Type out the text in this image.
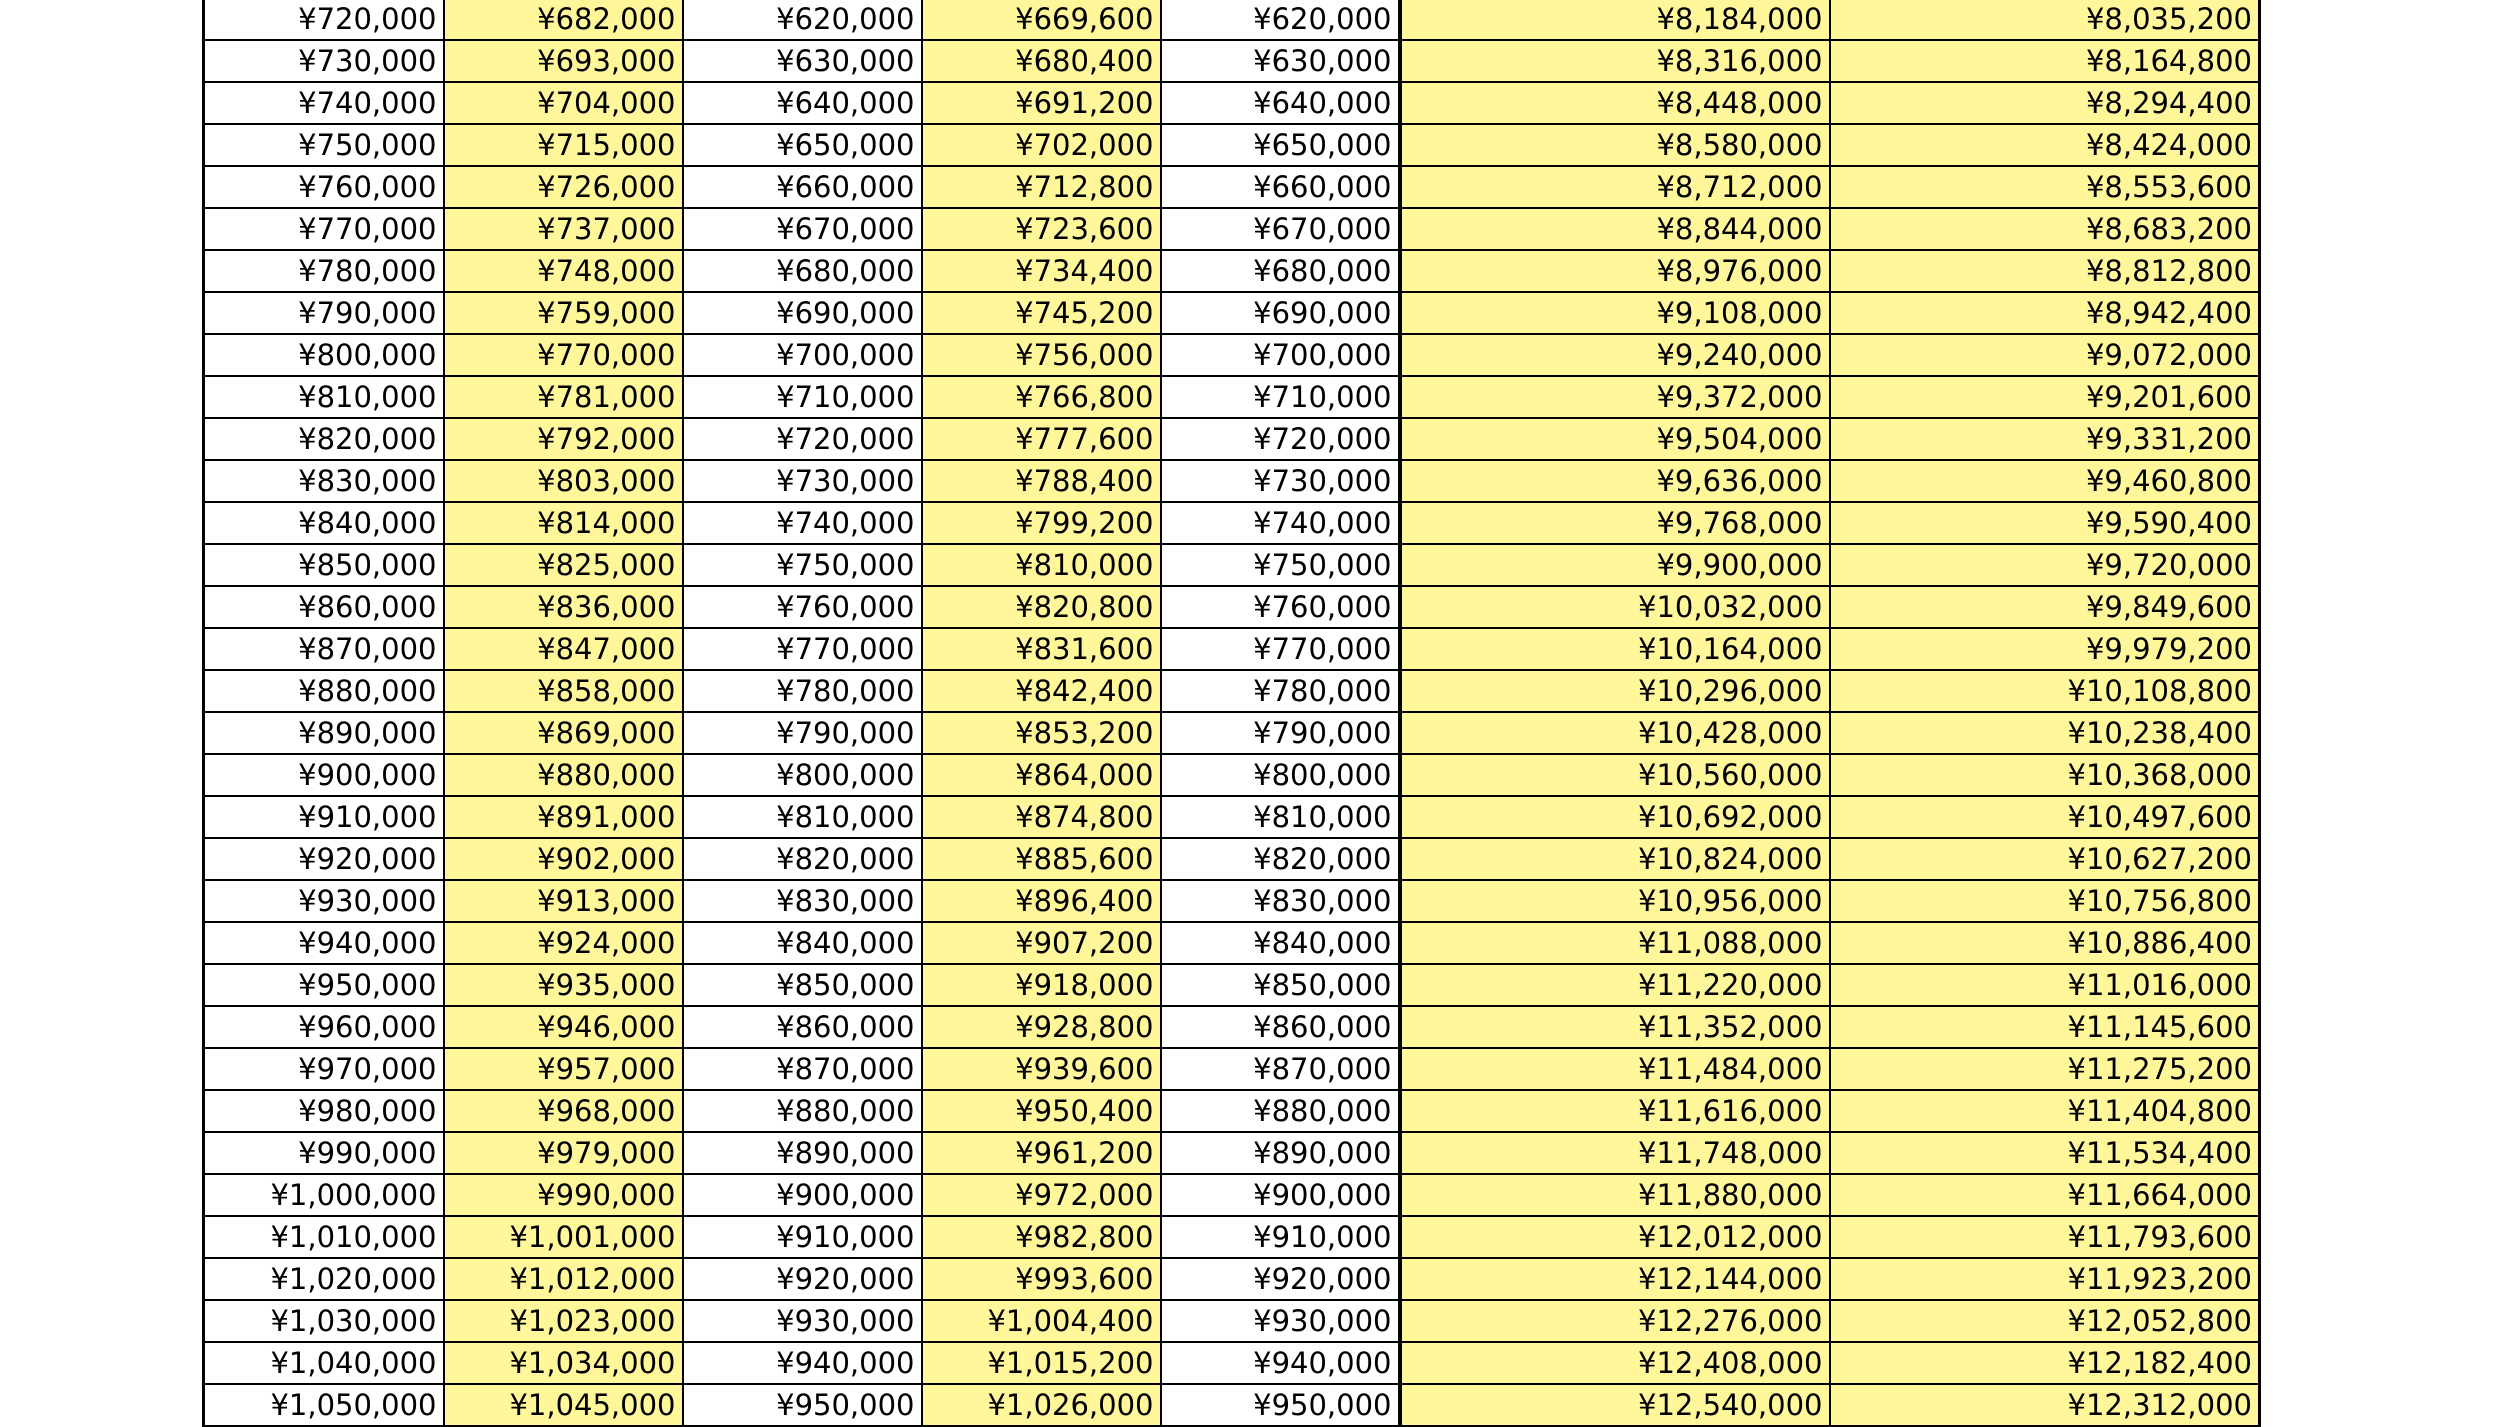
¥720,000	¥682,000	¥620,000	¥669,600	¥620,000	¥8,184,000	¥8,035,200
¥730,000	¥693,000	¥630,000	¥680,400	¥630,000	¥8,316,000	¥8,164,800
¥740,000	¥704,000	¥640,000	¥691,200	¥640,000	¥8,448,000	¥8,294,400
¥750,000	¥715,000	¥650,000	¥702,000	¥650,000	¥8,580,000	¥8,424,000
¥760,000	¥726,000	¥660,000	¥712,800	¥660,000	¥8,712,000	¥8,553,600
¥770,000	¥737,000	¥670,000	¥723,600	¥670,000	¥8,844,000	¥8,683,200
¥780,000	¥748,000	¥680,000	¥734,400	¥680,000	¥8,976,000	¥8,812,800
¥790,000	¥759,000	¥690,000	¥745,200	¥690,000	¥9,108,000	¥8,942,400
¥800,000	¥770,000	¥700,000	¥756,000	¥700,000	¥9,240,000	¥9,072,000
¥810,000	¥781,000	¥710,000	¥766,800	¥710,000	¥9,372,000	¥9,201,600
¥820,000	¥792,000	¥720,000	¥777,600	¥720,000	¥9,504,000	¥9,331,200
¥830,000	¥803,000	¥730,000	¥788,400	¥730,000	¥9,636,000	¥9,460,800
¥840,000	¥814,000	¥740,000	¥799,200	¥740,000	¥9,768,000	¥9,590,400
¥850,000	¥825,000	¥750,000	¥810,000	¥750,000	¥9,900,000	¥9,720,000
¥860,000	¥836,000	¥760,000	¥820,800	¥760,000	¥10,032,000	¥9,849,600
¥870,000	¥847,000	¥770,000	¥831,600	¥770,000	¥10,164,000	¥9,979,200
¥880,000	¥858,000	¥780,000	¥842,400	¥780,000	¥10,296,000	¥10,108,800
¥890,000	¥869,000	¥790,000	¥853,200	¥790,000	¥10,428,000	¥10,238,400
¥900,000	¥880,000	¥800,000	¥864,000	¥800,000	¥10,560,000	¥10,368,000
¥910,000	¥891,000	¥810,000	¥874,800	¥810,000	¥10,692,000	¥10,497,600
¥920,000	¥902,000	¥820,000	¥885,600	¥820,000	¥10,824,000	¥10,627,200
¥930,000	¥913,000	¥830,000	¥896,400	¥830,000	¥10,956,000	¥10,756,800
¥940,000	¥924,000	¥840,000	¥907,200	¥840,000	¥11,088,000	¥10,886,400
¥950,000	¥935,000	¥850,000	¥918,000	¥850,000	¥11,220,000	¥11,016,000
¥960,000	¥946,000	¥860,000	¥928,800	¥860,000	¥11,352,000	¥11,145,600
¥970,000	¥957,000	¥870,000	¥939,600	¥870,000	¥11,484,000	¥11,275,200
¥980,000	¥968,000	¥880,000	¥950,400	¥880,000	¥11,616,000	¥11,404,800
¥990,000	¥979,000	¥890,000	¥961,200	¥890,000	¥11,748,000	¥11,534,400
¥1,000,000	¥990,000	¥900,000	¥972,000	¥900,000	¥11,880,000	¥11,664,000
¥1,010,000	¥1,001,000	¥910,000	¥982,800	¥910,000	¥12,012,000	¥11,793,600
¥1,020,000	¥1,012,000	¥920,000	¥993,600	¥920,000	¥12,144,000	¥11,923,200
¥1,030,000	¥1,023,000	¥930,000	¥1,004,400	¥930,000	¥12,276,000	¥12,052,800
¥1,040,000	¥1,034,000	¥940,000	¥1,015,200	¥940,000	¥12,408,000	¥12,182,400
¥1,050,000	¥1,045,000	¥950,000	¥1,026,000	¥950,000	¥12,540,000	¥12,312,000
